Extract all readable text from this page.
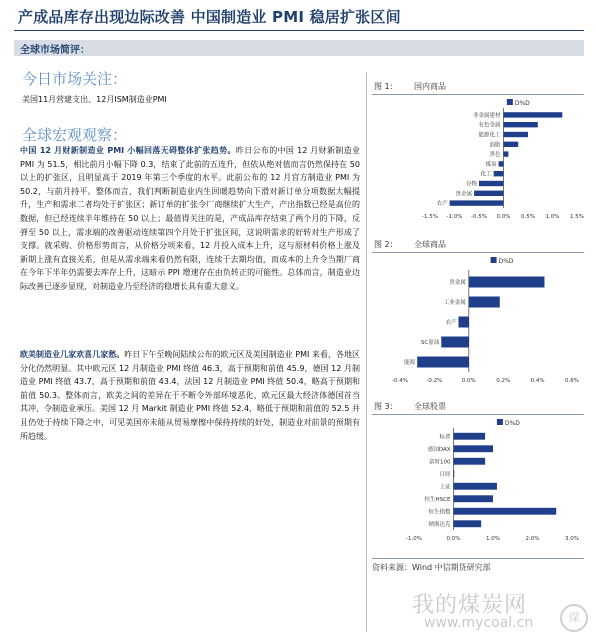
产成品库存出现边际改善 中国制造业 PMI 稳居扩张区间
全球市场简评：
今日市场关注：
美国11月营建支出、12月ISM制造业PMI
全球宏观观察：
中国 12 月财新制造业 PMI 小幅回落无碍整体扩张趋势。昨日公布的中国 12 月财新制造业 PMI 为 51.5，相比前月小幅下降 0.3，结束了此前的五连升，但依从绝对值而言仍然保持在 50 以上的扩张区，且明显高于 2019 年第三个季度的水平。此前公布的 12 月官方制造业 PMI 为 50.2，与前月持平。整体而言，我们判断制造业内生回暖趋势向下滑对新订单分项数据大幅提升，生产和需求二者均处于扩张区；新订单的扩张令厂商继续扩大生产，产出指数已经是高位的数据，但已经连续半年维持在 50 以上；最值得关注的是，产成品库存结束了两个月的下降，反弹至 50 以上，需求端的改善驱动连续第四个月处于扩张区间，这说明需求的好转对生产形成了支撑。就采购、价格形势而言，从价格分项来看，12 月投入成本上升，这与原材料价格上涨及新期上涨有直接关系，但是从需求端来看仍然有限，连续于去期均值，而成本的上升令当期厂商在今年下半年仍需要去库存上升，这暗示 PPI 增速存在由负转正的可能性。总体而言，制造业边际改善已逐步显现，对制造业乃至经济的稳增长具有重大意义。
欧美制造业几家欢喜几家愁。昨日下午至晚间陆续公布的欧元区及美国制造业 PMI 来看，各地区分化仍然明显。其中欧元区 12 月制造业 PMI 终值 46.3，高于预期和前值 45.9，德国 12 月制造业 PMI 终值 43.7，高于预期和前值 43.4，法国 12 月制造业 PMI 终值 50.4，略高于预期和前值 50.3。整体而言，欧美之间的差异在于不断令外部环境恶化，欧元区最大经济体德国首当其冲，令制造业承压。美国 12 月 Markit 制造业 PMI 终值 52.4，略低于预期和前值的 52.5 并且仍处于持续下降之中，可见美国亦未能从贸易摩擦中保持持续的好处，制造业对前景的预期有所趋缓。
图 1： 国内商品
D%D
非金属建材
有色金属
能源化工
油脂
黑色
煤炭
化工
谷物
贵金属
农产
-1.5% -1.0% -0.5% 0.0% 0.5% 1.0% 1.5%
图 2： 全球商品
D%D
贵金属
工业金属
农产
SC原油
能源
-0.4%	-0.2%	0.0%	0.2%	0.4%	0.6%
图 3： 全球股票
D%D
标普
德国DAX
富时100
日经
上证
恒生HSCE
恒生指数
纳斯达克
-1.0%	0.0%	1.0%	2.0%	3.0%
资料来源：Wind 中信期货研究部
我的煤炭网
www.mycoal.cn	煤
